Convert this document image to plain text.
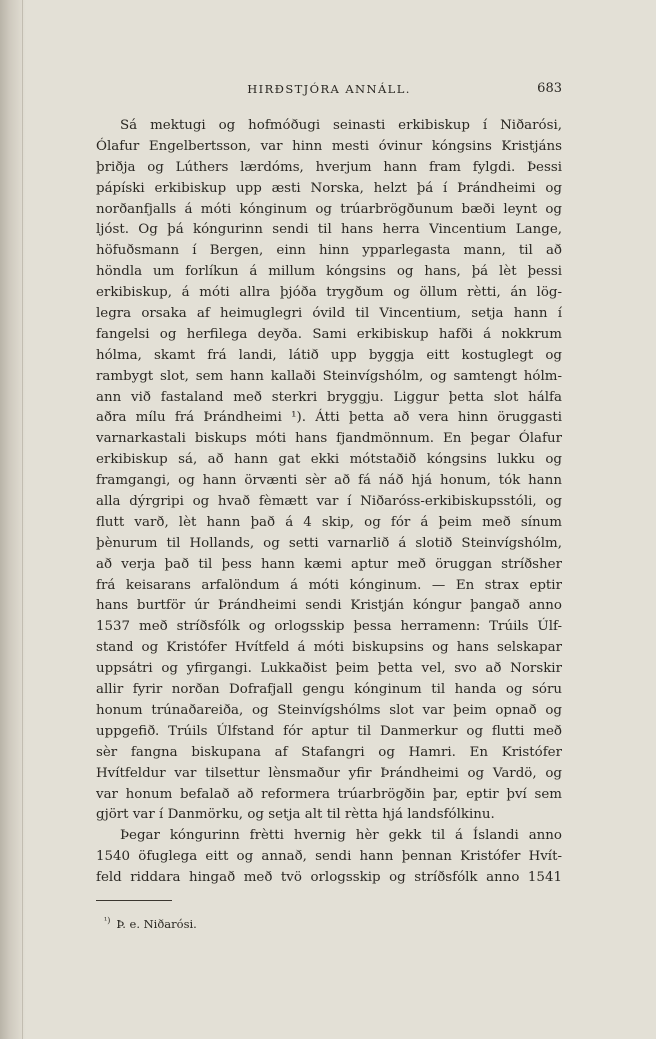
HIRÐSTJÓRA ANNÁLL.	683
Sá mektugi og hofmóðugi seinasti erkibiskup í Niðarósi,
Ólafur Engelbertsson, var hinn mesti óvinur kóngsins Kristjáns
þriðja og Lúthers lærdóms, hverjum hann fram fylgdi. Þessi
pápíski erkibiskup upp æsti Norska, helzt þá í Þrándheimi og
norðanfjalls á móti kónginum og trúarbrögðunum bæði leynt og
ljóst. Og þá kóngurinn sendi til hans herra Vincentium Lange,
höfuðsmann í Bergen, einn hinn ypparlegasta mann, til að
höndla um forlíkun á millum kóngsins og hans, þá lèt þessi
erkibiskup, á móti allra þjóða trygðum og öllum rètti, án lög-
legra orsaka af heimuglegri óvild til Vincentium, setja hann í
fangelsi og herfilega deyða. Sami erkibiskup hafði á nokkrum
hólma, skamt frá landi, látið upp byggja eitt kostuglegt og
rambygt slot, sem hann kallaði Steinvígshólm, og samtengt hólm-
ann við fastaland með sterkri bryggju. Liggur þetta slot hálfa
aðra mílu frá Þrándheimi ¹). Átti þetta að vera hinn öruggasti
varnarkastali biskups móti hans fjandmönnum. En þegar Ólafur
erkibiskup sá, að hann gat ekki mótstaðið kóngsins lukku og
framgangi, og hann örvænti sèr að fá náð hjá honum, tók hann
alla dýrgripi og hvað fèmætt var í Niðaróss-erkibiskupsstóli, og
flutt varð, lèt hann það á 4 skip, og fór á þeim með sínum
þènurum til Hollands, og setti varnarlið á slotið Steinvígshólm,
að verja það til þess hann kæmi aptur með öruggan stríðsher
frá keisarans arfalöndum á móti kónginum. — En strax eptir
hans burtför úr Þrándheimi sendi Kristján kóngur þangað anno
1537 með stríðsfólk og orlogsskip þessa herramenn: Trúils Úlf-
stand og Kristófer Hvítfeld á móti biskupsins og hans selskapar
uppsátri og yfirgangi. Lukkaðist þeim þetta vel, svo að Norskir
allir fyrir norðan Dofrafjall gengu kónginum til handa og sóru
honum trúnaðareiða, og Steinvígshólms slot var þeim opnað og
uppgefið. Trúils Úlfstand fór aptur til Danmerkur og flutti með
sèr fangna biskupana af Stafangri og Hamri. En Kristófer
Hvítfeldur var tilsettur lènsmaður yfir Þrándheimi og Vardö, og
var honum befalað að reformera trúarbrögðin þar, eptir því sem
gjört var í Danmörku, og setja alt til rètta hjá landsfólkinu.
Þegar kóngurinn frètti hvernig hèr gekk til á Íslandi anno
1540 öfuglega eitt og annað, sendi hann þennan Kristófer Hvít-
feld riddara hingað með tvö orlogsskip og stríðsfólk anno 1541
$^{^1)}$ Þ. e. Niðarósi.
